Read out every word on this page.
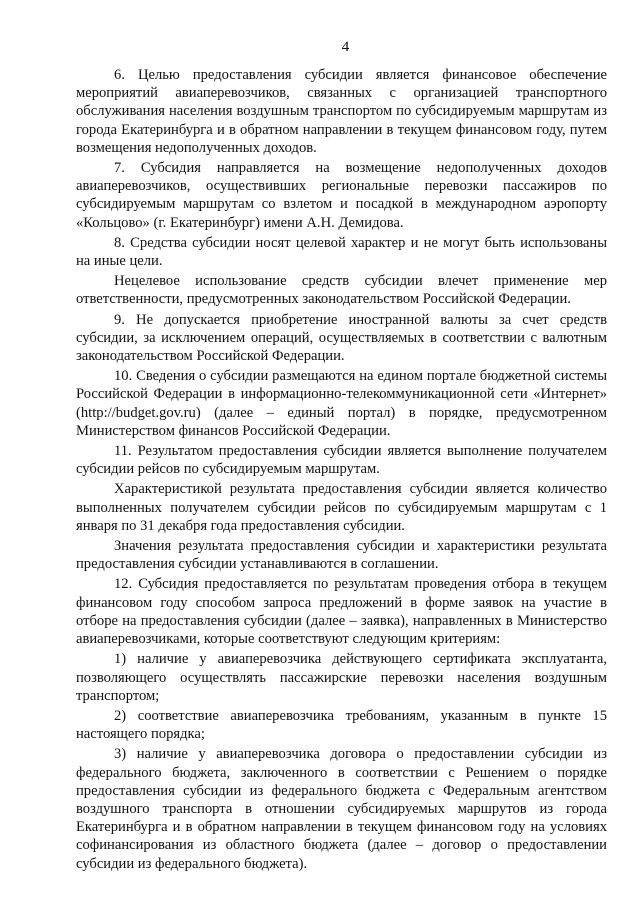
4

6. Целью предоставления субсидии является финансовое обеспечение мероприятий авиаперевозчиков, связанных с организацией транспортного обслуживания населения воздушным транспортом по субсидируемым маршрутам из города Екатеринбурга и в обратном направлении в текущем финансовом году, путем возмещения недополученных доходов.

7. Субсидия направляется на возмещение недополученных доходов авиаперевозчиков, осуществивших региональные перевозки пассажиров по субсидируемым маршрутам со взлетом и посадкой в международном аэропорту «Кольцово» (г. Екатеринбург) имени А.Н. Демидова.

8. Средства субсидии носят целевой характер и не могут быть использованы на иные цели.

Нецелевое использование средств субсидии влечет применение мер ответственности, предусмотренных законодательством Российской Федерации.

9. Не допускается приобретение иностранной валюты за счет средств субсидии, за исключением операций, осуществляемых в соответствии с валютным законодательством Российской Федерации.

10. Сведения о субсидии размещаются на едином портале бюджетной системы Российской Федерации в информационно-телекоммуникационной сети «Интернет» (http://budget.gov.ru) (далее – единый портал) в порядке, предусмотренном Министерством финансов Российской Федерации.

11. Результатом предоставления субсидии является выполнение получателем субсидии рейсов по субсидируемым маршрутам.

Характеристикой результата предоставления субсидии является количество выполненных получателем субсидии рейсов по субсидируемым маршрутам с 1 января по 31 декабря года предоставления субсидии.

Значения результата предоставления субсидии и характеристики результата предоставления субсидии устанавливаются в соглашении.

12. Субсидия предоставляется по результатам проведения отбора в текущем финансовом году способом запроса предложений в форме заявок на участие в отборе на предоставления субсидии (далее – заявка), направленных в Министерство авиаперевозчиками, которые соответствуют следующим критериям:

1) наличие у авиаперевозчика действующего сертификата эксплуатанта, позволяющего осуществлять пассажирские перевозки населения воздушным транспортом;

2) соответствие авиаперевозчика требованиям, указанным в пункте 15 настоящего порядка;

3) наличие у авиаперевозчика договора о предоставлении субсидии из федерального бюджета, заключенного в соответствии с Решением о порядке предоставления субсидии из федерального бюджета с Федеральным агентством воздушного транспорта в отношении субсидируемых маршрутов из города Екатеринбурга и в обратном направлении в текущем финансовом году на условиях софинансирования из областного бюджета (далее – договор о предоставлении субсидии из федерального бюджета).
